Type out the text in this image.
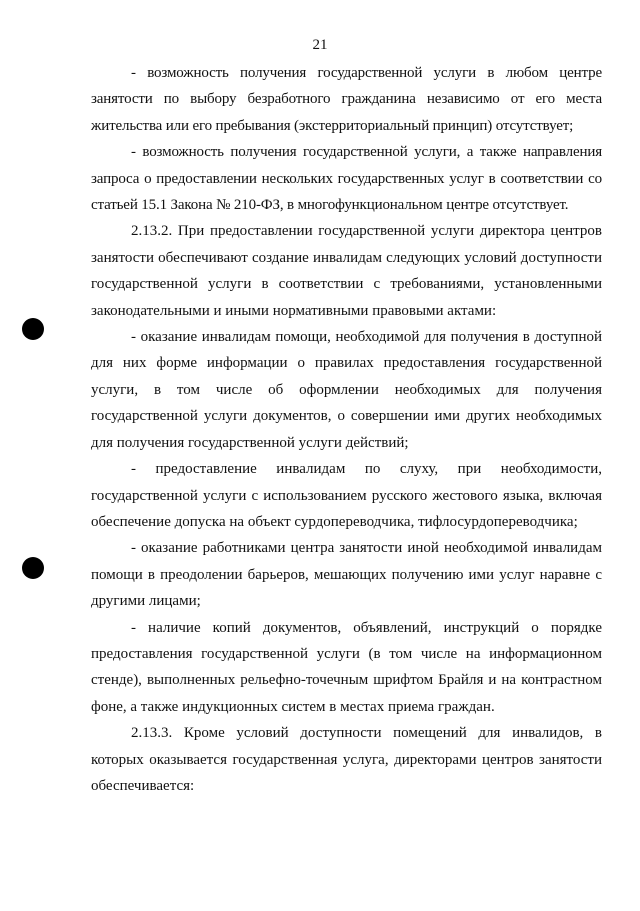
21

- возможность получения государственной услуги в любом центре занятости по выбору безработного гражданина независимо от его места жительства или его пребывания (экстерриториальный принцип) отсутствует;

- возможность получения государственной услуги, а также направления запроса о предоставлении нескольких государственных услуг в соответствии со статьей 15.1 Закона № 210-ФЗ, в многофункциональном центре отсутствует.

2.13.2. При предоставлении государственной услуги директора центров занятости обеспечивают создание инвалидам следующих условий доступности государственной услуги в соответствии с требованиями, установленными законодательными и иными нормативными правовыми актами:

- оказание инвалидам помощи, необходимой для получения в доступной для них форме информации о правилах предоставления государственной услуги, в том числе об оформлении необходимых для получения государственной услуги документов, о совершении ими других необходимых для получения государственной услуги действий;

- предоставление инвалидам по слуху, при необходимости, государственной услуги с использованием русского жестового языка, включая обеспечение допуска на объект сурдопереводчика, тифлосурдопереводчика;

- оказание работниками центра занятости иной необходимой инвалидам помощи в преодолении барьеров, мешающих получению ими услуг наравне с другими лицами;

- наличие копий документов, объявлений, инструкций о порядке предоставления государственной услуги (в том числе на информационном стенде), выполненных рельефно-точечным шрифтом Брайля и на контрастном фоне, а также индукционных систем в местах приема граждан.

2.13.3. Кроме условий доступности помещений для инвалидов, в которых оказывается государственная услуга, директорами центров занятости обеспечивается:
